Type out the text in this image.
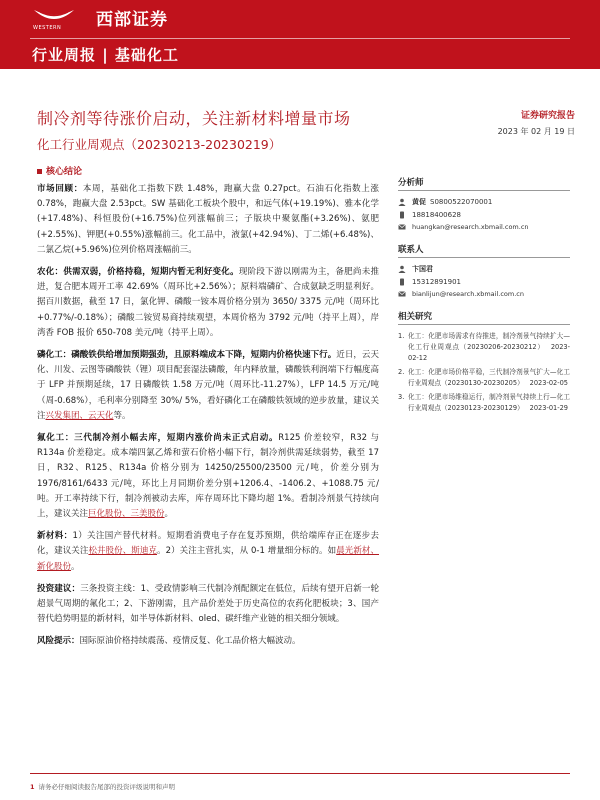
WESTERN 西部证券
行业周报 | 基础化工
制冷剂等待涨价启动，关注新材料增量市场
化工行业周观点（20230213-20230219）
证券研究报告
2023 年 02 月 19 日
核心结论

市场回顾：本周，基础化工指数下跌 1.48%，跑赢大盘 0.27pct。石油石化指数上涨 0.78%，跑赢大盘 2.53pct。SW 基础化工板块个股中，和远气体(+19.19%)、雅本化学(+17.48%)、科恒股份(+16.75%)位列涨幅前三；子版块中聚氨酯(+3.26%)、氨肥(+2.55%)、钾肥(+0.55%)涨幅前三。化工品中，液氯(+42.94%)、丁二烯(+6.48%)、二氯乙烷(+5.96%)位列价格周涨幅前三。

农化：供需双弱，价格持稳，短期内暂无利好变化。现阶段下游以刚需为主，备肥尚未推进，复合肥本周开工率 42.69%（周环比+2.56%）；原料端磷矿、合成氨缺乏明显利好。据百川数据，截至 17 日，氯化钾、磷酸一铵本周价格分别为 3650/ 3375 元/吨（周环比+0.77%/-0.18%）；磷酸二铵贸易商持续观望，本周价格为 3792 元/吨（持平上周），岸湾香 FOB 报价 650-708 美元/吨（持平上周）。

磷化工：磷酸铁供给增加预期强劲，且原料端成本下降，短期内价格快速下行。近日，云天化、川发、云图等磷酸铁（锂）项目配套湿法磷酸，年内释放量，磷酸铁利润端下行幅度高于 LFP 并预期延续，17 日磷酸铁 1.58 万元/吨（周环比-11.27%），LFP 14.5 万元/吨（周-0.68%），毛利率分别降至 30%/ 5%，看好磷化工在磷酸铁领域的逆步放量，建议关注兴发集团、云天化等。

氟化工：三代制冷剂小幅去库，短期内涨价尚未正式启动。R125 价差较窄，R32 与 R134a 价差稳定。成本端四氯乙烯和萤石价格小幅下行，制冷剂供需延续弱势，截至 17 日，R32、R125、R134a 价格分别为 14250/25500/23500 元/吨，价差分别为 1976/8161/6433 元/吨，环比上月同期价差分别+1206.4、-1406.2、+1088.75 元/吨。开工率持续下行，制冷剂被动去库，库存周环比下降均超 1%。看制冷剂景气持续向上，建议关注巨化股份、三美股份。

新材料：1）关注国产替代材料。短期看消费电子存在复苏预期，供给端库存正在逐步去化，建议关注松井股份、斯迪克。2）关注主营扎实，从 0-1 增量细分标的。如晨光新材、新化股份。

投资建议：三条投资主线：1、受政情影响三代制冷剂配额定在低位，后续有望开启新一轮超景气周期的氟化工；2、下游刚需，且产品价差处于历史高位的农药化肥板块；3、国产替代趋势明显的新材料，如半导体新材料、oled、碳纤维产业链的相关细分领域。

风险提示：国际原油价格持续震荡、疫情反复、化工品价格大幅波动。

分析师
黄促 S0800522070001
18818400628
huangkan@research.xbmail.com.cn
联系人
卞国君
15312891901
bianlijun@research.xbmail.com.cn
相关研究
1. 化工：化肥市场需求有待推进，制冷剂景气持续扩大—化工行业周观点（20230206-20230212） 2023-02-12
2. 化工：化肥市场价格平稳，三代制冷剂景气扩大—化工行业周观点（20230130-20230205） 2023-02-05
3. 化工：化肥市场维稳运行，制冷剂景气持续上行—化工行业周观点（20230123-20230129） 2023-01-29
1 请务必仔细阅读报告尾部的投资评级说明和声明
